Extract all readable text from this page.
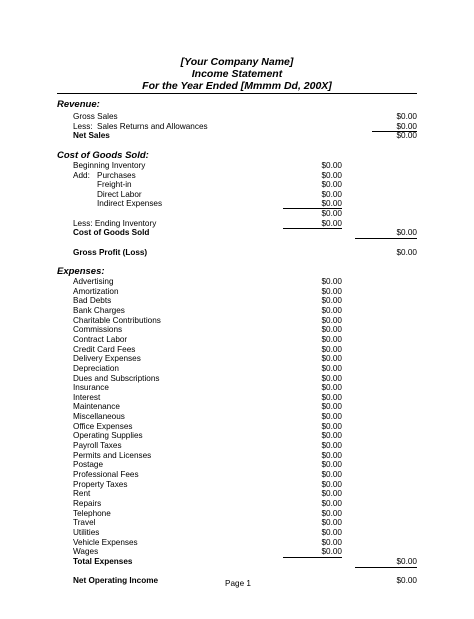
[Your Company Name]
Income Statement
For the Year Ended [Mmmm Dd, 200X]
Revenue:
Gross Sales	$0.00
Less: Sales Returns and Allowances	$0.00
Net Sales	$0.00
Cost of Goods Sold:
Beginning Inventory	$0.00
Add: Purchases	$0.00
Freight-in	$0.00
Direct Labor	$0.00
Indirect Expenses	$0.00
$0.00
Less: Ending Inventory	$0.00
Cost of Goods Sold	$0.00
Gross Profit (Loss)	$0.00
Expenses:
Advertising	$0.00
Amortization	$0.00
Bad Debts	$0.00
Bank Charges	$0.00
Charitable Contributions	$0.00
Commissions	$0.00
Contract Labor	$0.00
Credit Card Fees	$0.00
Delivery Expenses	$0.00
Depreciation	$0.00
Dues and Subscriptions	$0.00
Insurance	$0.00
Interest	$0.00
Maintenance	$0.00
Miscellaneous	$0.00
Office Expenses	$0.00
Operating Supplies	$0.00
Payroll Taxes	$0.00
Permits and Licenses	$0.00
Postage	$0.00
Professional Fees	$0.00
Property Taxes	$0.00
Rent	$0.00
Repairs	$0.00
Telephone	$0.00
Travel	$0.00
Utilities	$0.00
Vehicle Expenses	$0.00
Wages	$0.00
Total Expenses	$0.00
Net Operating Income	$0.00
Page 1
